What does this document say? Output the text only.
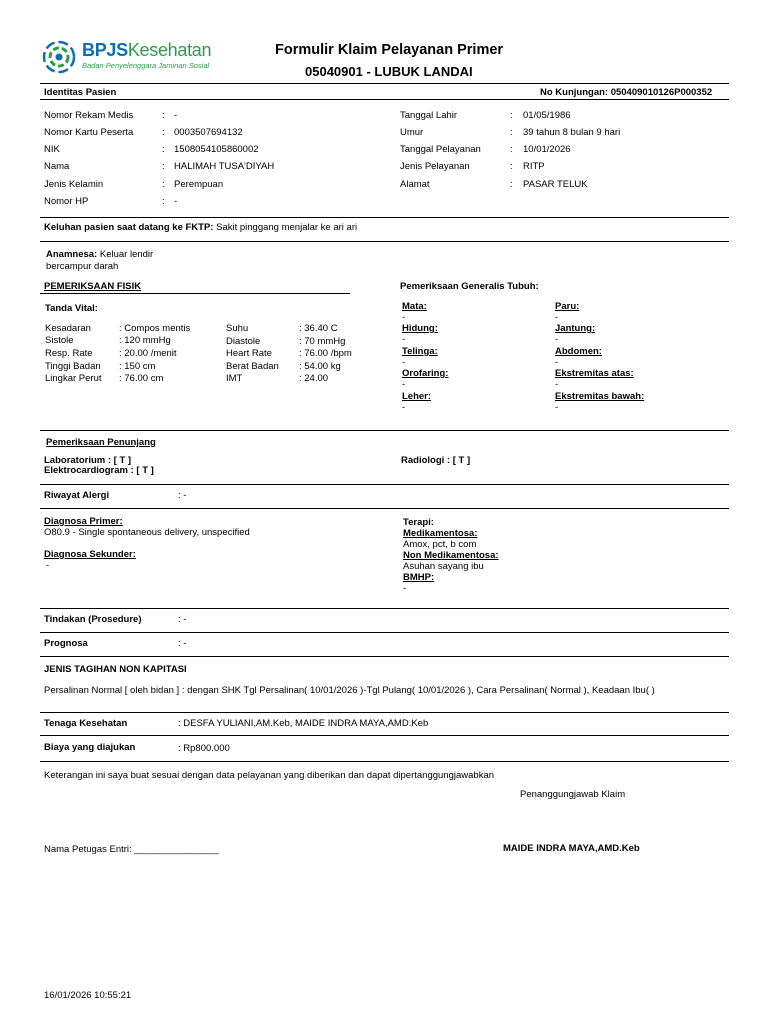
BPJSKesehatan
Badan Penyelenggara Jaminan Sosial
Formulir Klaim Pelayanan Primer
05040901 - LUBUK LANDAI
Identitas Pasien	No Kunjungan: 050409010126P000352
Nomor Rekam Medis	: -
Nomor Kartu Peserta	: 0003507694132
NIK	: 1508054105860002
Nama	: HALIMAH TUSA'DIYAH
Jenis Kelamin	: Perempuan
Nomor HP	: -
Tanggal Lahir	: 01/05/1986
Umur	: 39 tahun 8 bulan 9 hari
Tanggal Pelayanan	: 10/01/2026
Jenis Pelayanan	: RITP
Alamat	: PASAR TELUK
Keluhan pasien saat datang ke FKTP: Sakit pinggang menjalar ke ari ari
Anamnesa: Keluar lendir
bercampur darah
PEMERIKSAAN FISIK	Pemeriksaan Generalis Tubuh:
Tanda Vital:
Kesadaran	: Compos mentis
Sistole	: 120 mmHg
Resp. Rate	: 20.00 /menit
Tinggi Badan : 150 cm
Lingkar Perut : 76.00 cm
Suhu	: 36.40 C
Diastole	: 70 mmHg
Heart Rate	: 76.00 /bpm
Berat Badan : 54.00 kg
IMT	: 24.00
Mata:
-
Hidung:
-
Telinga:
-
Orofaring:
-
Leher:
-
Paru:
-
Jantung:
-
Abdomen:
-
Ekstremitas atas:
-
Ekstremitas bawah:
-
Pemeriksaan Penunjang
Laboratorium : [ T ]
Elektrocardiogram : [ T ]
Radiologi : [ T ]
Riwayat Alergi	: -
Diagnosa Primer:
O80.9 - Single spontaneous delivery, unspecified
Diagnosa Sekunder:
-
Terapi:
Medikamentosa:
Amox, pct, b com
Non Medikamentosa:
Asuhan sayang ibu
BMHP:
-
Tindakan (Prosedure)	: -
Prognosa	: -
JENIS TAGIHAN NON KAPITASI
Persalinan Normal [ oleh bidan ] : dengan SHK Tgl Persalinan( 10/01/2026 )-Tgl Pulang( 10/01/2026 ), Cara Persalinan( Normal ), Keadaan Ibu( )
Tenaga Kesehatan	: DESFA YULIANI,AM.Keb, MAIDE INDRA MAYA,AMD.Keb
Biaya yang diajukan	: Rp800.000
Keterangan ini saya buat sesuai dengan data pelayanan yang diberikan dan dapat dipertanggungjawabkan
Penanggungjawab Klaim
Nama Petugas Entri: ________________	MAIDE INDRA MAYA,AMD.Keb
16/01/2026 10:55:21
